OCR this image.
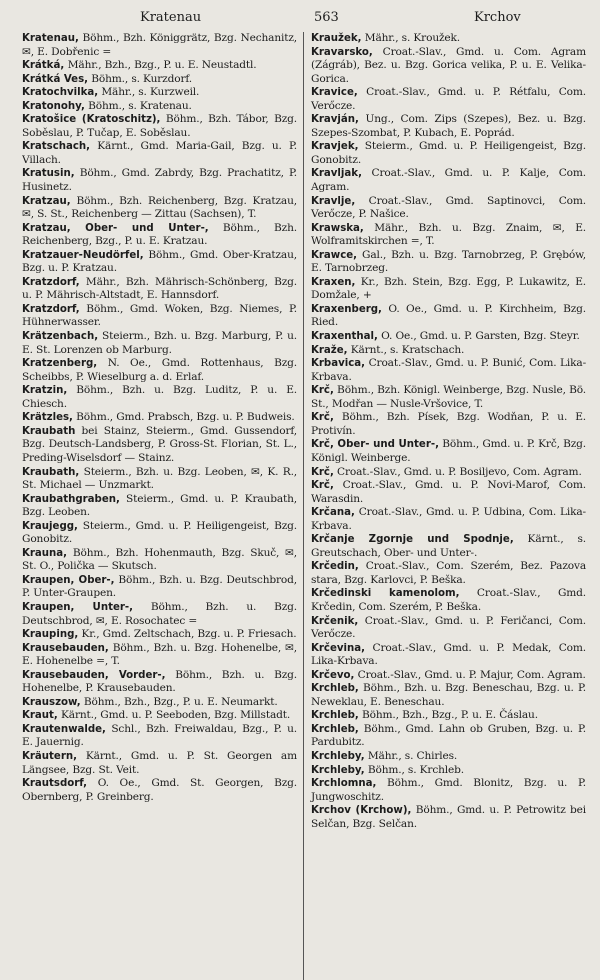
Kratenau	563	Krchov
Kratenau, Böhm., Bzh. Königgrätz, Bzg. Nechanitz, ✉, E. Dobřenic =
Krátká, Mähr., Bzh., Bzg., P. u. E. Neustadtl.
Krátká Ves, Böhm., s. Kurzdorf.
Kratochvilka, Mähr., s. Kurzweil.
Kratonohy, Böhm., s. Kratenau.
Kratošice (Kratoschitz), Böhm., Bzh. Tábor, Bzg. Soběslau, P. Tučap, E. Soběslau.
Kratschach, Kärnt., Gmd. Maria-Gail, Bzg. u. P. Villach.
Kratusin, Böhm., Gmd. Zabrdy, Bzg. Prachatitz, P. Husinetz.
Kratzau, Böhm., Bzh. Reichenberg, Bzg. Kratzau, ✉, S. St., Reichenberg — Zittau (Sachsen), T.
Kratzau, Ober- und Unter-, Böhm., Bzh. Reichenberg, Bzg., P. u. E. Kratzau.
Kratzauer-Neudörfel, Böhm., Gmd. Ober-Kratzau, Bzg. u. P. Kratzau.
Kratzdorf, Mähr., Bzh. Mährisch-Schönberg, Bzg. u. P. Mährisch-Altstadt, E. Hannsdorf.
Kratzdorf, Böhm., Gmd. Woken, Bzg. Niemes, P. Hühnerwasser.
Krätzenbach, Steierm., Bzh. u. Bzg. Marburg, P. u. E. St. Lorenzen ob Marburg.
Kratzenberg, N. Oe., Gmd. Rottenhaus, Bzg. Scheibbs, P. Wieselburg a. d. Erlaf.
Kratzin, Böhm., Bzh. u. Bzg. Luditz, P. u. E. Chiesch.
Krätzles, Böhm., Gmd. Prabsch, Bzg. u. P. Budweis.
Kraubath bei Stainz, Steierm., Gmd. Gussendorf, Bzg. Deutsch-Landsberg, P. Gross-St. Florian, St. L., Preding-Wiselsdorf — Stainz.
Kraubath, Steierm., Bzh. u. Bzg. Leoben, ✉, K. R., St. Michael — Unzmarkt.
Kraubathgraben, Steierm., Gmd. u. P. Kraubath, Bzg. Leoben.
Kraujegg, Steierm., Gmd. u. P. Heiligengeist, Bzg. Gonobitz.
Krauna, Böhm., Bzh. Hohenmauth, Bzg. Skuč, ✉, St. O., Polička — Skutsch.
Kraupen, Ober-, Böhm., Bzh. u. Bzg. Deutschbrod, P. Unter-Graupen.
Kraupen, Unter-, Böhm., Bzh. u. Bzg. Deutschbrod, ✉, E. Rosochatec =
Krauping, Kr., Gmd. Zeltschach, Bzg. u. P. Friesach.
Krausebauden, Böhm., Bzh. u. Bzg. Hohenelbe, ✉, E. Hohenelbe =, T.
Krausebauden, Vorder-, Böhm., Bzh. u. Bzg. Hohenelbe, P. Krausebauden.
Krauszow, Böhm., Bzh., Bzg., P. u. E. Neumarkt.
Kraut, Kärnt., Gmd. u. P. Seeboden, Bzg. Millstadt.
Krautenwalde, Schl., Bzh. Freiwaldau, Bzg., P. u. E. Jauernig.
Kräutern, Kärnt., Gmd. u. P. St. Georgen am Längsee, Bzg. St. Veit.
Krautsdorf, O. Oe., Gmd. St. Georgen, Bzg. Obernberg, P. Greinberg.
Kraužek, Mähr., s. Kroužek.
Kravarsko, Croat.-Slav., Gmd. u. Com. Agram (Zágráb), Bez. u. Bzg. Gorica velika, P. u. E. Velika-Gorica.
Kravice, Croat.-Slav., Gmd. u. P. Rétfalu, Com. Verőcze.
Kravján, Ung., Com. Zips (Szepes), Bez. u. Bzg. Szepes-Szombat, P. Kubach, E. Poprád.
Kravjek, Steierm., Gmd. u. P. Heiligengeist, Bzg. Gonobitz.
Kravljak, Croat.-Slav., Gmd. u. P. Kalje, Com. Agram.
Kravlje, Croat.-Slav., Gmd. Saptinovci, Com. Verőcze, P. Našice.
Krawska, Mähr., Bzh. u. Bzg. Znaim, ✉, E. Wolframitskirchen =, T.
Krawce, Gal., Bzh. u. Bzg. Tarnobrzeg, P. Grębów, E. Tarnobrzeg.
Kraxen, Kr., Bzh. Stein, Bzg. Egg, P. Lukawitz, E. Domžale, +
Kraxenberg, O. Oe., Gmd. u. P. Kirchheim, Bzg. Ried.
Kraxenthal, O. Oe., Gmd. u. P. Garsten, Bzg. Steyr.
Kraže, Kärnt., s. Kratschach.
Krbavica, Croat.-Slav., Gmd. u. P. Bunić, Com. Lika-Krbava.
Krč, Böhm., Bzh. Königl. Weinberge, Bzg. Nusle, Bö. St., Modřan — Nusle-Vršovice, T.
Krč, Böhm., Bzh. Písek, Bzg. Wodňan, P. u. E. Protivín.
Krč, Ober- und Unter-, Böhm., Gmd. u. P. Krč, Bzg. Königl. Weinberge.
Krč, Croat.-Slav., Gmd. u. P. Bosiljevo, Com. Agram.
Krč, Croat.-Slav., Gmd. u. P. Novi-Marof, Com. Warasdin.
Krčana, Croat.-Slav., Gmd. u. P. Udbina, Com. Lika-Krbava.
Krčanje Zgornje und Spodnje, Kärnt., s. Greutschach, Ober- und Unter-.
Krčedin, Croat.-Slav., Com. Szerém, Bez. Pazova stara, Bzg. Karlovci, P. Beška.
Krčedinski kamenolom, Croat.-Slav., Gmd. Krčedin, Com. Szerém, P. Beška.
Krčenik, Croat.-Slav., Gmd. u. P. Feričanci, Com. Verőcze.
Krčevina, Croat.-Slav., Gmd. u. P. Medak, Com. Lika-Krbava.
Krčevo, Croat.-Slav., Gmd. u. P. Majur, Com. Agram.
Krchleb, Böhm., Bzh. u. Bzg. Beneschau, Bzg. u. P. Neweklau, E. Beneschau.
Krchleb, Böhm., Bzh., Bzg., P. u. E. Čáslau.
Krchleb, Böhm., Gmd. Lahn ob Gruben, Bzg. u. P. Pardubitz.
Krchleby, Mähr., s. Chirles.
Krchleby, Böhm., s. Krchleb.
Krchlomna, Böhm., Gmd. Blonitz, Bzg. u. P. Jungwoschitz.
Krchov (Krchow), Böhm., Gmd. u. P. Petrowitz bei Selčan, Bzg. Selčan.
